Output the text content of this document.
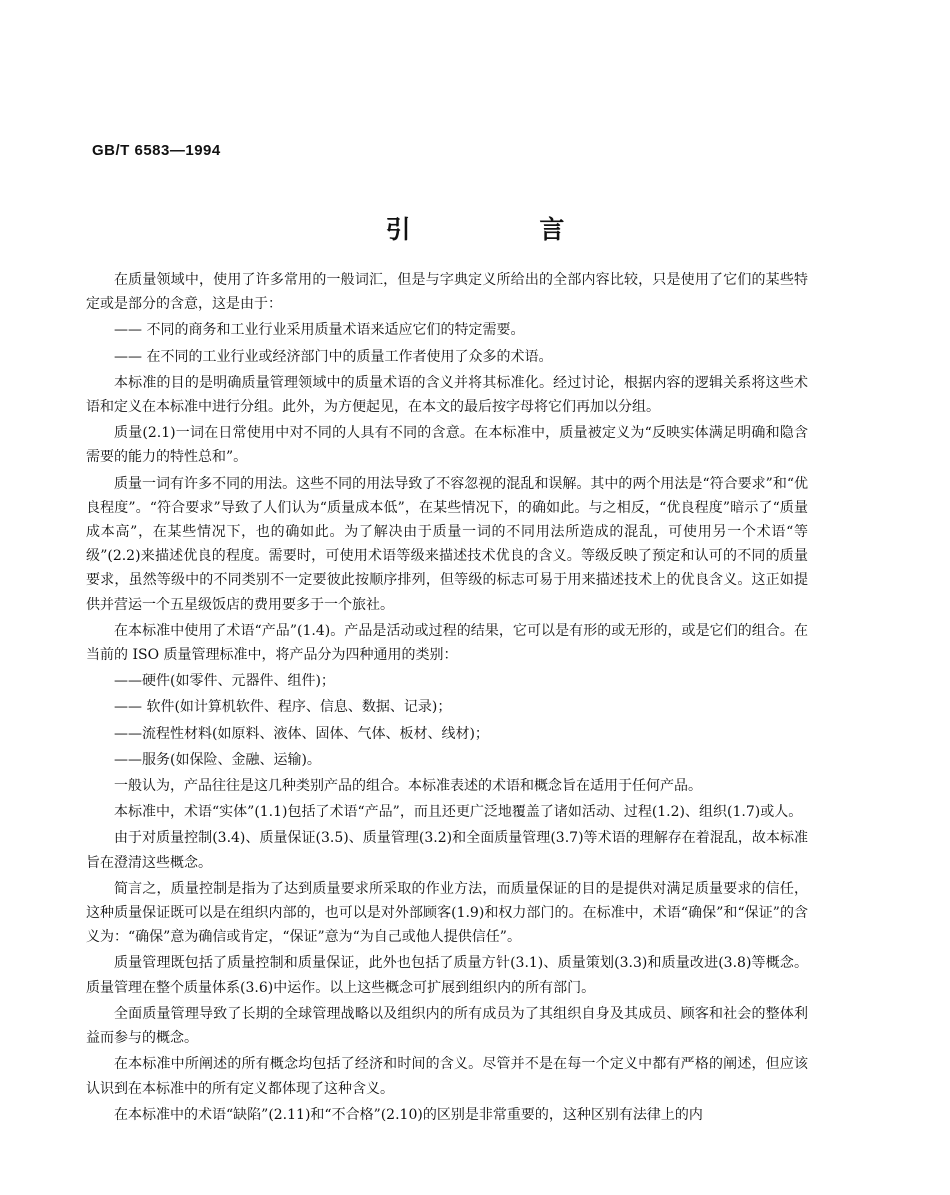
GB/T 6583—1994
引 言

在质量领域中，使用了许多常用的一般词汇，但是与字典定义所给出的全部内容比较，只是使用了它们的某些特定或是部分的含意，这是由于：

—— 不同的商务和工业行业采用质量术语来适应它们的特定需要。

—— 在不同的工业行业或经济部门中的质量工作者使用了众多的术语。

本标准的目的是明确质量管理领域中的质量术语的含义并将其标准化。经过讨论，根据内容的逻辑关系将这些术语和定义在本标准中进行分组。此外，为方便起见，在本文的最后按字母将它们再加以分组。

质量(2.1)一词在日常使用中对不同的人具有不同的含意。在本标准中，质量被定义为“反映实体满足明确和隐含需要的能力的特性总和”。

质量一词有许多不同的用法。这些不同的用法导致了不容忽视的混乱和误解。其中的两个用法是“符合要求”和“优良程度”。“符合要求”导致了人们认为“质量成本低”，在某些情况下，的确如此。与之相反，“优良程度”暗示了“质量成本高”，在某些情况下，也的确如此。为了解决由于质量一词的不同用法所造成的混乱，可使用另一个术语“等级”(2.2)来描述优良的程度。需要时，可使用术语等级来描述技术优良的含义。等级反映了预定和认可的不同的质量要求，虽然等级中的不同类别不一定要彼此按顺序排列，但等级的标志可易于用来描述技术上的优良含义。这正如提供并营运一个五星级饭店的费用要多于一个旅社。

在本标准中使用了术语“产品”(1.4)。产品是活动或过程的结果，它可以是有形的或无形的，或是它们的组合。在当前的 ISO 质量管理标准中，将产品分为四种通用的类别：

——硬件(如零件、元器件、组件)；

—— 软件(如计算机软件、程序、信息、数据、记录)；

——流程性材料(如原料、液体、固体、气体、板材、线材)；

——服务(如保险、金融、运输)。

一般认为，产品往往是这几种类别产品的组合。本标准表述的术语和概念旨在适用于任何产品。

本标准中，术语“实体”(1.1)包括了术语“产品”，而且还更广泛地覆盖了诸如活动、过程(1.2)、组织(1.7)或人。

由于对质量控制(3.4)、质量保证(3.5)、质量管理(3.2)和全面质量管理(3.7)等术语的理解存在着混乱，故本标准旨在澄清这些概念。

简言之，质量控制是指为了达到质量要求所采取的作业方法，而质量保证的目的是提供对满足质量要求的信任，这种质量保证既可以是在组织内部的，也可以是对外部顾客(1.9)和权力部门的。在标准中，术语“确保”和“保证”的含义为：“确保”意为确信或肯定，“保证”意为“为自己或他人提供信任”。

质量管理既包括了质量控制和质量保证，此外也包括了质量方针(3.1)、质量策划(3.3)和质量改进(3.8)等概念。质量管理在整个质量体系(3.6)中运作。以上这些概念可扩展到组织内的所有部门。

全面质量管理导致了长期的全球管理战略以及组织内的所有成员为了其组织自身及其成员、顾客和社会的整体利益而参与的概念。

在本标准中所阐述的所有概念均包括了经济和时间的含义。尽管并不是在每一个定义中都有严格的阐述，但应该认识到在本标准中的所有定义都体现了这种含义。

在本标准中的术语“缺陷”(2.11)和“不合格”(2.10)的区别是非常重要的，这种区别有法律上的内
